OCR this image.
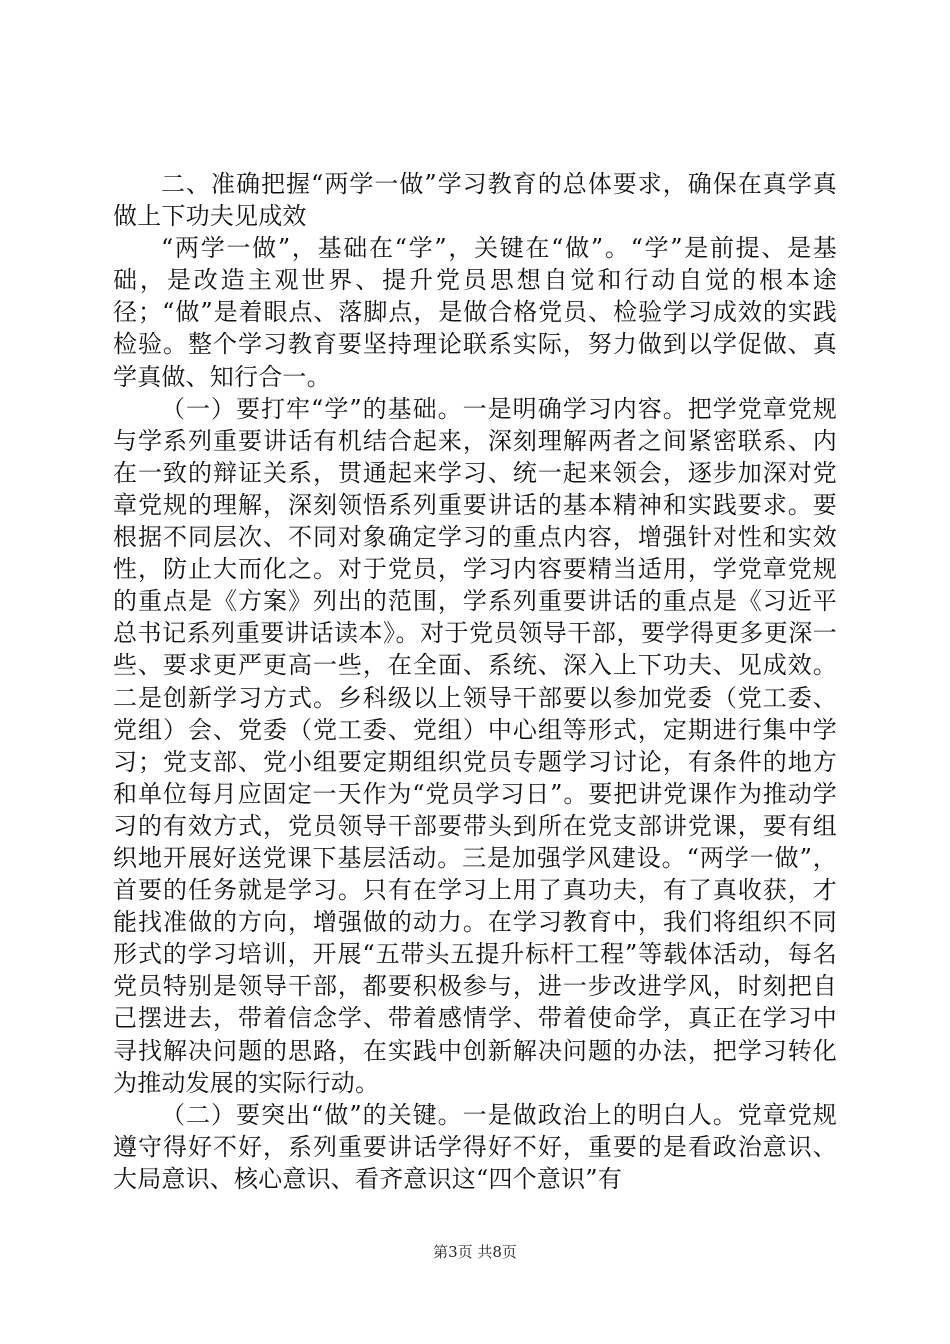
二、准确把握“两学一做”学习教育的总体要求，确保在真学真做上下功夫见成效

“两学一做”，基础在“学”，关键在“做”。“学”是前提、是基础，是改造主观世界、提升党员思想自觉和行动自觉的根本途径；“做”是着眼点、落脚点，是做合格党员、检验学习成效的实践检验。整个学习教育要坚持理论联系实际，努力做到以学促做、真学真做、知行合一。

（一）要打牢“学”的基础。一是明确学习内容。把学党章党规与学系列重要讲话有机结合起来，深刻理解两者之间紧密联系、内在一致的辩证关系，贯通起来学习、统一起来领会，逐步加深对党章党规的理解，深刻领悟系列重要讲话的基本精神和实践要求。要根据不同层次、不同对象确定学习的重点内容，增强针对性和实效性，防止大而化之。对于党员，学习内容要精当适用，学党章党规的重点是《方案》列出的范围，学系列重要讲话的重点是《习近平总书记系列重要讲话读本》。对于党员领导干部，要学得更多更深一些、要求更严更高一些，在全面、系统、深入上下功夫、见成效。二是创新学习方式。乡科级以上领导干部要以参加党委（党工委、党组）会、党委（党工委、党组）中心组等形式，定期进行集中学习；党支部、党小组要定期组织党员专题学习讨论，有条件的地方和单位每月应固定一天作为“党员学习日”。要把讲党课作为推动学习的有效方式，党员领导干部要带头到所在党支部讲党课，要有组织地开展好送党课下基层活动。三是加强学风建设。“两学一做”，首要的任务就是学习。只有在学习上用了真功夫，有了真收获，才能找准做的方向，增强做的动力。在学习教育中，我们将组织不同形式的学习培训，开展“五带头五提升标杆工程”等载体活动，每名党员特别是领导干部，都要积极参与，进一步改进学风，时刻把自己摆进去，带着信念学、带着感情学、带着使命学，真正在学习中寻找解决问题的思路，在实践中创新解决问题的办法，把学习转化为推动发展的实际行动。

（二）要突出“做”的关键。一是做政治上的明白人。党章党规遵守得好不好，系列重要讲话学得好不好，重要的是看政治意识、大局意识、核心意识、看齐意识这“四个意识”有

第3页 共8页
